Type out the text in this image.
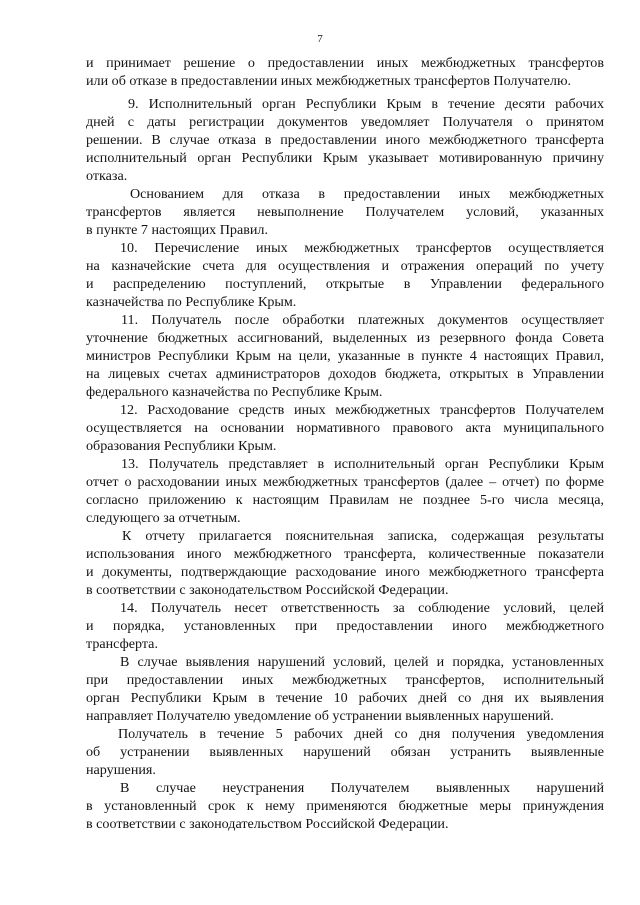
7
и принимает решение о предоставлении иных межбюджетных трансфертов
или об отказе в предоставлении иных межбюджетных трансфертов Получателю.
9. Исполнительный орган Республики Крым в течение десяти рабочих
дней с даты регистрации документов уведомляет Получателя о принятом
решении. В случае отказа в предоставлении иного межбюджетного трансферта
исполнительный орган Республики Крым указывает мотивированную причину
отказа.
Основанием для отказа в предоставлении иных межбюджетных
трансфертов является невыполнение Получателем условий, указанных
в пункте 7 настоящих Правил.
10. Перечисление иных межбюджетных трансфертов осуществляется
на казначейские счета для осуществления и отражения операций по учету
и распределению поступлений, открытые в Управлении федерального
казначейства по Республике Крым.
11. Получатель после обработки платежных документов осуществляет
уточнение бюджетных ассигнований, выделенных из резервного фонда Совета
министров Республики Крым на цели, указанные в пункте 4 настоящих Правил,
на лицевых счетах администраторов доходов бюджета, открытых в Управлении
федерального казначейства по Республике Крым.
12. Расходование средств иных межбюджетных трансфертов Получателем
осуществляется на основании нормативного правового акта муниципального
образования Республики Крым.
13. Получатель представляет в исполнительный орган Республики Крым
отчет о расходовании иных межбюджетных трансфертов (далее – отчет) по форме
согласно приложению к настоящим Правилам не позднее 5-го числа месяца,
следующего за отчетным.
К отчету прилагается пояснительная записка, содержащая результаты
использования иного межбюджетного трансферта, количественные показатели
и документы, подтверждающие расходование иного межбюджетного трансферта
в соответствии с законодательством Российской Федерации.
14. Получатель несет ответственность за соблюдение условий, целей
и порядка, установленных при предоставлении иного межбюджетного
трансферта.
В случае выявления нарушений условий, целей и порядка, установленных
при предоставлении иных межбюджетных трансфертов, исполнительный
орган Республики Крым в течение 10 рабочих дней со дня их выявления
направляет Получателю уведомление об устранении выявленных нарушений.
Получатель в течение 5 рабочих дней со дня получения уведомления
об устранении выявленных нарушений обязан устранить выявленные
нарушения.
В случае неустранения Получателем выявленных нарушений
в установленный срок к нему применяются бюджетные меры принуждения
в соответствии с законодательством Российской Федерации.
